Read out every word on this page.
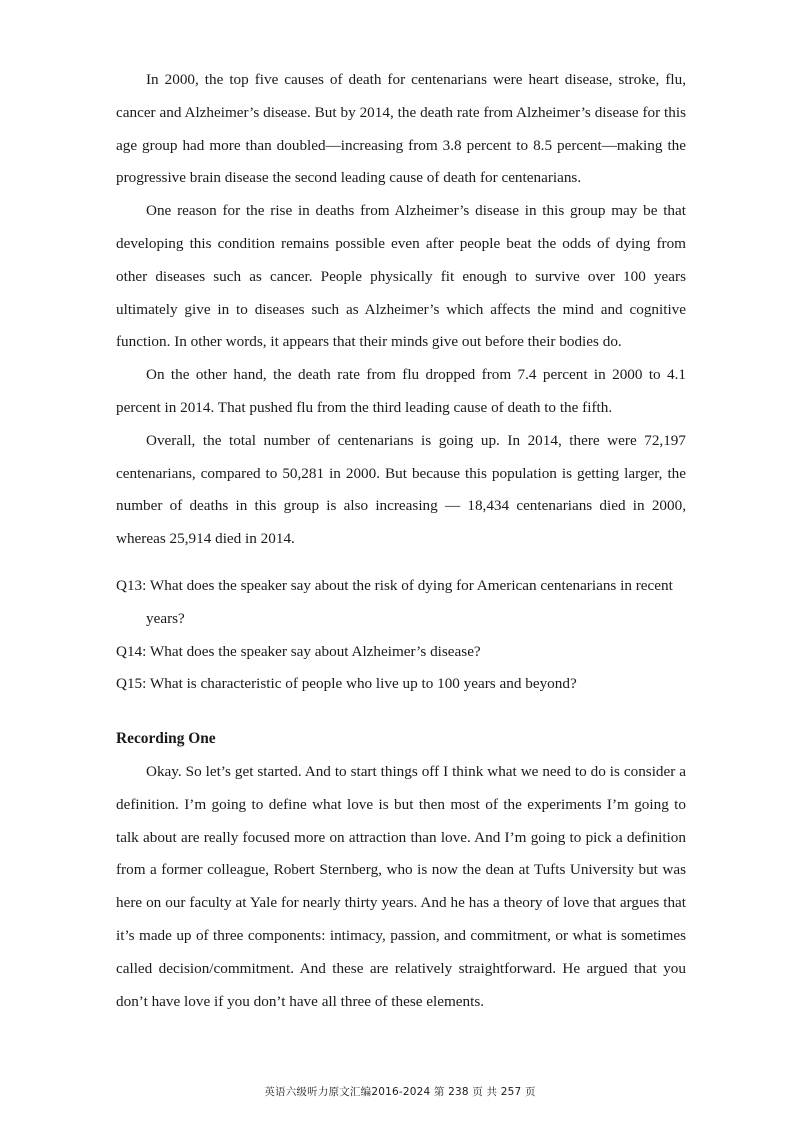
In 2000, the top five causes of death for centenarians were heart disease, stroke, flu, cancer and Alzheimer’s disease. But by 2014, the death rate from Alzheimer’s disease for this age group had more than doubled—increasing from 3.8 percent to 8.5 percent—making the progressive brain disease the second leading cause of death for centenarians.

One reason for the rise in deaths from Alzheimer’s disease in this group may be that developing this condition remains possible even after people beat the odds of dying from other diseases such as cancer. People physically fit enough to survive over 100 years ultimately give in to diseases such as Alzheimer’s which affects the mind and cognitive function. In other words, it appears that their minds give out before their bodies do.

On the other hand, the death rate from flu dropped from 7.4 percent in 2000 to 4.1 percent in 2014. That pushed flu from the third leading cause of death to the fifth.

Overall, the total number of centenarians is going up. In 2014, there were 72,197 centenarians, compared to 50,281 in 2000. But because this population is getting larger, the number of deaths in this group is also increasing — 18,434 centenarians died in 2000, whereas 25,914 died in 2014.

Q13: What does the speaker say about the risk of dying for American centenarians in recent years?

Q14: What does the speaker say about Alzheimer’s disease?

Q15: What is characteristic of people who live up to 100 years and beyond?

Recording One

Okay. So let’s get started. And to start things off I think what we need to do is consider a definition. I’m going to define what love is but then most of the experiments I’m going to talk about are really focused more on attraction than love. And I’m going to pick a definition from a former colleague, Robert Sternberg, who is now the dean at Tufts University but was here on our faculty at Yale for nearly thirty years. And he has a theory of love that argues that it’s made up of three components: intimacy, passion, and commitment, or what is sometimes called decision/commitment. And these are relatively straightforward. He argued that you don’t have love if you don’t have all three of these elements.

英语六级听力原文汇编2016-2024 第 238 页 共 257 页
